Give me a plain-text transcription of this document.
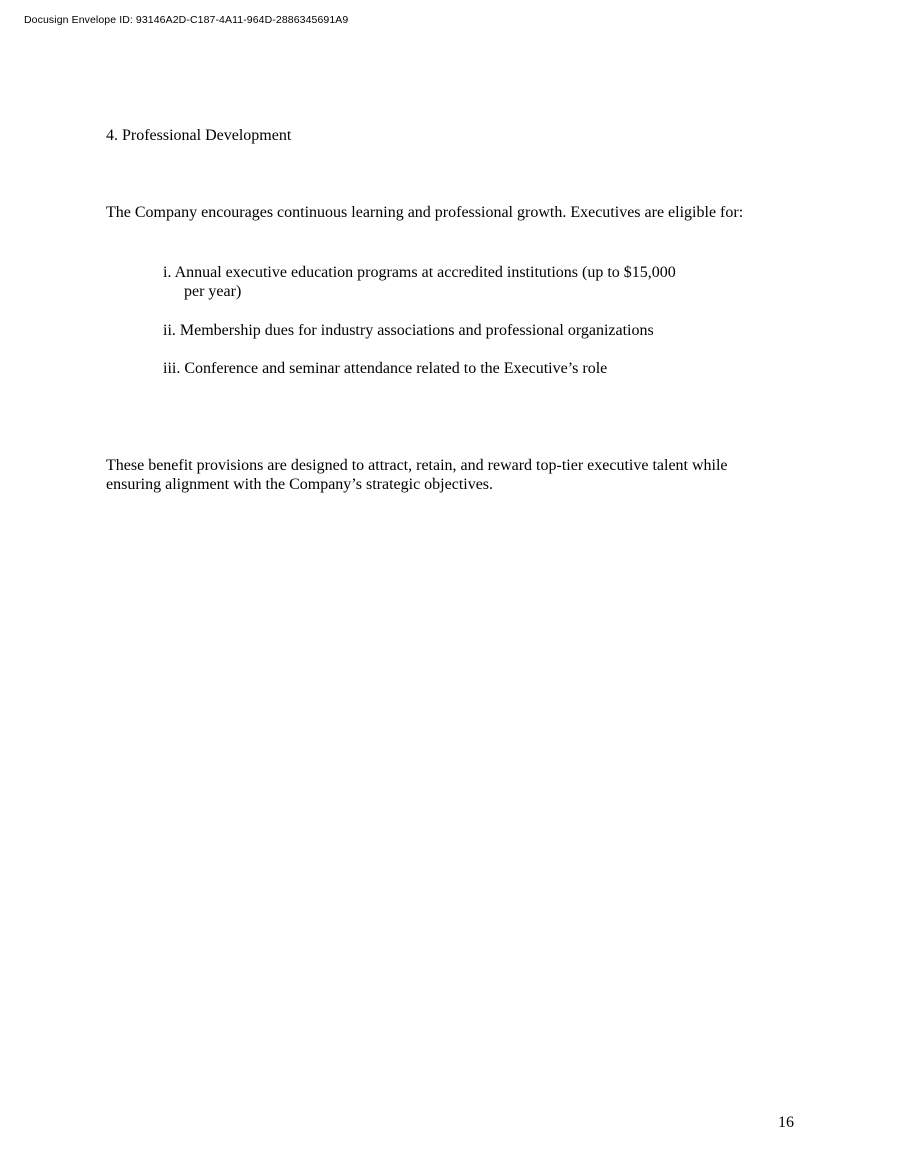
Docusign Envelope ID: 93146A2D-C187-4A11-964D-2886345691A9
4. Professional Development

The Company encourages continuous learning and professional growth. Executives are eligible for:

i. Annual executive education programs at accredited institutions (up to $15,000
per year)
ii. Membership dues for industry associations and professional organizations
iii. Conference and seminar attendance related to the Executive’s role

These benefit provisions are designed to attract, retain, and reward top-tier executive talent while
ensuring alignment with the Company’s strategic objectives.

16
